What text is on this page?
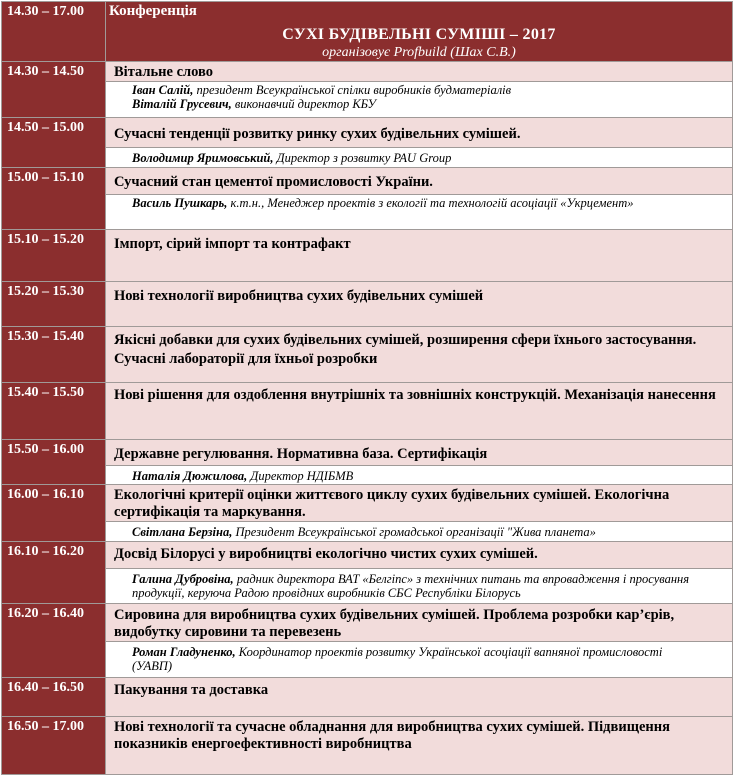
14.30 – 17.00	Конференція
СУХІ БУДІВЕЛЬНІ СУМІШІ – 2017
організовує Profbuild (Шах С.В.)

14.30 – 14.50	Вітальне слово

	Іван Салій, президент Всеукраїнської спілки виробників будматеріалів
Віталій Грусевич, виконавчий директор КБУ

14.50 – 15.00	Сучасні тенденції розвитку ринку сухих будівельних сумішей.

	Володимир Яримовський, Директор з розвитку PAU Group

15.00 – 15.10	Сучасний стан цементої промисловості України.

	Василь Пушкарь, к.т.н., Менеджер проектів з екології та технологій асоціації «Укрцемент»

15.10 – 15.20	Імпорт, сірий імпорт та контрафакт

15.20 – 15.30	Нові технології виробництва сухих будівельних сумішей

15.30 – 15.40	Якісні добавки для сухих будівельних сумішей, розширення сфери їхнього застосування. Сучасні лабораторії для їхньої розробки

15.40 – 15.50	Нові рішення для оздоблення внутрішніх та зовнішніх конструкцій. Механізація нанесення

15.50 – 16.00	Державне регулювання. Нормативна база. Сертифікація

	Наталія Дюжилова, Директор НДІБМВ

16.00 – 16.10	Екологічні критерії оцінки життєвого циклу сухих будівельних сумішей. Екологічна сертифікація та маркування.

	Світлана Берзіна, Президент Всеукраїнської громадської організації "Жива планета»

16.10 – 16.20	Досвід Білорусі у виробництві екологічно чистих сухих сумішей.

	Галина Дубровіна, радник директора ВАТ «Белгіпс» з технічних питань та впровадження і просування продукції, керуюча Радою провідних виробників СБС Республіки Білорусь

16.20 – 16.40	Сировина для виробництва сухих будівельних сумішей. Проблема розробки кар’єрів, видобутку сировини та перевезень

	Роман Гладуненко, Координатор проектів розвитку Української асоціації вапняної промисловості (УАВП)

16.40 – 16.50	Пакування та доставка

16.50 – 17.00	Нові технології та сучасне обладнання для виробництва сухих сумішей. Підвищення показників енергоефективності виробництва
